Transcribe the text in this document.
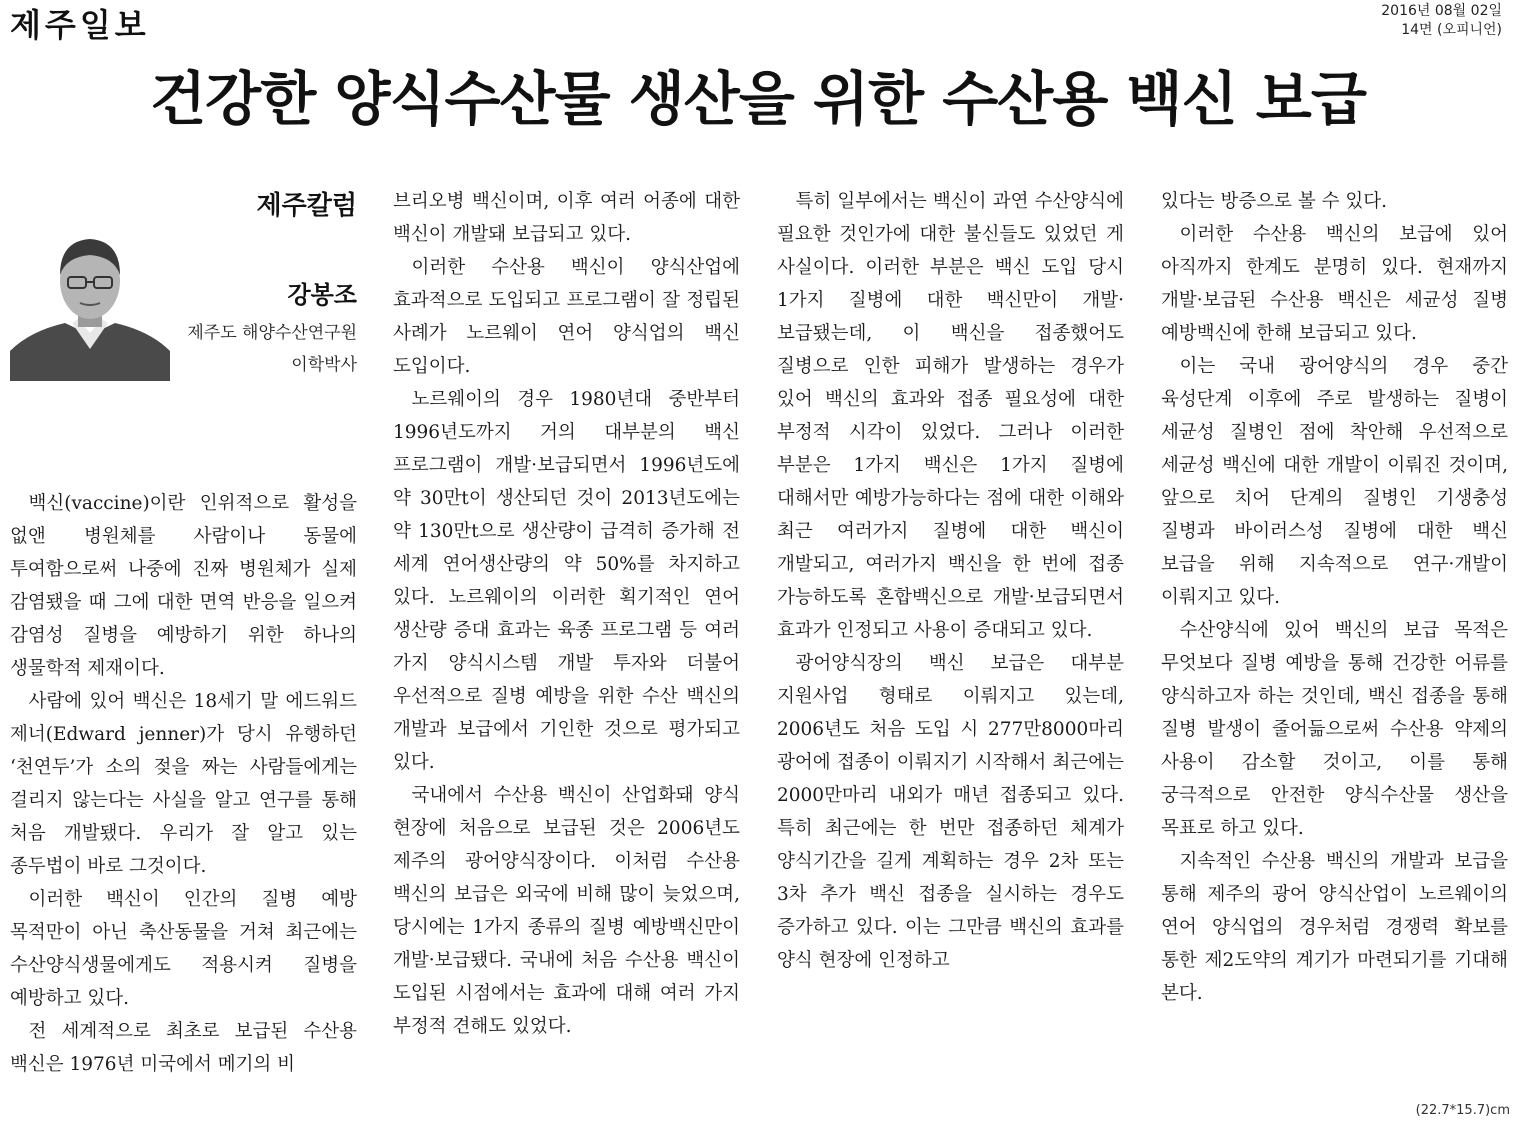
제주일보	2016년 08월 02일
14면 (오피니언)
건강한 양식수산물 생산을 위한 수산용 백신 보급
제주칼럼
강봉조
제주도 해양수산연구원
이학박사

백신(vaccine)이란 인위적으로 활성을 없앤 병원체를 사람이나 동물에 투여함으로써 나중에 진짜 병원체가 실제 감염됐을 때 그에 대한 면역 반응을 일으켜 감염성 질병을 예방하기 위한 하나의 생물학적 제재이다.

사람에 있어 백신은 18세기 말 에드워드 제너(Edward jenner)가 당시 유행하던 ‘천연두’가 소의 젖을 짜는 사람들에게는 걸리지 않는다는 사실을 알고 연구를 통해 처음 개발됐다. 우리가 잘 알고 있는 종두법이 바로 그것이다.

이러한 백신이 인간의 질병 예방 목적만이 아닌 축산동물을 거쳐 최근에는 수산양식생물에게도 적용시켜 질병을 예방하고 있다.

전 세계적으로 최초로 보급된 수산용 백신은 1976년 미국에서 메기의 비

브리오병 백신이며, 이후 여러 어종에 대한 백신이 개발돼 보급되고 있다.

이러한 수산용 백신이 양식산업에 효과적으로 도입되고 프로그램이 잘 정립된 사례가 노르웨이 연어 양식업의 백신 도입이다.

노르웨이의 경우 1980년대 중반부터 1996년도까지 거의 대부분의 백신 프로그램이 개발·보급되면서 1996년도에 약 30만t이 생산되던 것이 2013년도에는 약 130만t으로 생산량이 급격히 증가해 전 세계 연어생산량의 약 50%를 차지하고 있다. 노르웨이의 이러한 획기적인 연어 생산량 증대 효과는 육종 프로그램 등 여러 가지 양식시스템 개발 투자와 더불어 우선적으로 질병 예방을 위한 수산 백신의 개발과 보급에서 기인한 것으로 평가되고 있다.

국내에서 수산용 백신이 산업화돼 양식 현장에 처음으로 보급된 것은 2006년도 제주의 광어양식장이다. 이처럼 수산용 백신의 보급은 외국에 비해 많이 늦었으며, 당시에는 1가지 종류의 질병 예방백신만이 개발·보급됐다. 국내에 처음 수산용 백신이 도입된 시점에서는 효과에 대해 여러 가지 부정적 견해도 있었다.

특히 일부에서는 백신이 과연 수산양식에 필요한 것인가에 대한 불신들도 있었던 게 사실이다. 이러한 부분은 백신 도입 당시 1가지 질병에 대한 백신만이 개발·보급됐는데, 이 백신을 접종했어도 질병으로 인한 피해가 발생하는 경우가 있어 백신의 효과와 접종 필요성에 대한 부정적 시각이 있었다. 그러나 이러한 부분은 1가지 백신은 1가지 질병에 대해서만 예방가능하다는 점에 대한 이해와 최근 여러가지 질병에 대한 백신이 개발되고, 여러가지 백신을 한 번에 접종 가능하도록 혼합백신으로 개발·보급되면서 효과가 인정되고 사용이 증대되고 있다.

광어양식장의 백신 보급은 대부분 지원사업 형태로 이뤄지고 있는데, 2006년도 처음 도입 시 277만8000마리 광어에 접종이 이뤄지기 시작해서 최근에는 2000만마리 내외가 매년 접종되고 있다. 특히 최근에는 한 번만 접종하던 체계가 양식기간을 길게 계획하는 경우 2차 또는 3차 추가 백신 접종을 실시하는 경우도 증가하고 있다. 이는 그만큼 백신의 효과를 양식 현장에 인정하고

있다는 방증으로 볼 수 있다.

이러한 수산용 백신의 보급에 있어 아직까지 한계도 분명히 있다. 현재까지 개발·보급된 수산용 백신은 세균성 질병 예방백신에 한해 보급되고 있다.

이는 국내 광어양식의 경우 중간 육성단계 이후에 주로 발생하는 질병이 세균성 질병인 점에 착안해 우선적으로 세균성 백신에 대한 개발이 이뤄진 것이며, 앞으로 치어 단계의 질병인 기생충성 질병과 바이러스성 질병에 대한 백신 보급을 위해 지속적으로 연구·개발이 이뤄지고 있다.

수산양식에 있어 백신의 보급 목적은 무엇보다 질병 예방을 통해 건강한 어류를 양식하고자 하는 것인데, 백신 접종을 통해 질병 발생이 줄어듦으로써 수산용 약제의 사용이 감소할 것이고, 이를 통해 궁극적으로 안전한 양식수산물 생산을 목표로 하고 있다.

지속적인 수산용 백신의 개발과 보급을 통해 제주의 광어 양식산업이 노르웨이의 연어 양식업의 경우처럼 경쟁력 확보를 통한 제2도약의 계기가 마련되기를 기대해 본다.

(22.7*15.7)cm
